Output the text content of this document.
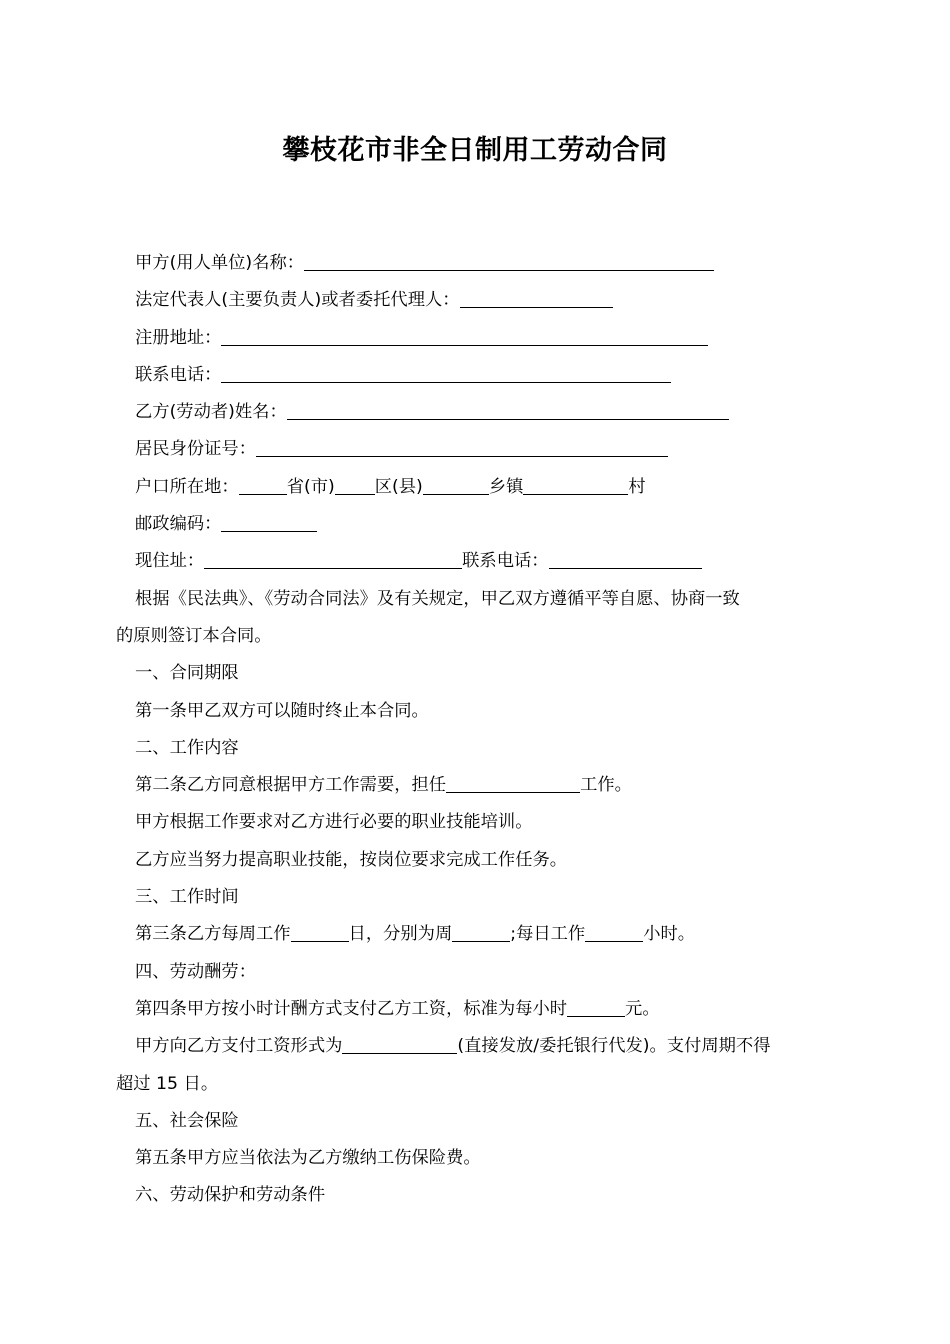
攀枝花市非全日制用工劳动合同
甲方(用人单位)名称：
法定代表人(主要负责人)或者委托代理人：
注册地址：
联系电话：
乙方(劳动者)姓名：
居民身份证号：
户口所在地：	省(市) 区(县)	乡镇	村
邮政编码：
现住址：	联系电话：
根据《民法典》、《劳动合同法》及有关规定，甲乙双方遵循平等自愿、协商一致
的原则签订本合同。
一、合同期限
第一条甲乙双方可以随时终止本合同。
二、工作内容
第二条乙方同意根据甲方工作需要，担任	工作。
甲方根据工作要求对乙方进行必要的职业技能培训。
乙方应当努力提高职业技能，按岗位要求完成工作任务。
三、工作时间
第三条乙方每周工作	日，分别为周	;每日工作	小时。
四、劳动酬劳：
第四条甲方按小时计酬方式支付乙方工资，标准为每小时	元。
甲方向乙方支付工资形式为	(直接发放/委托银行代发)。支付周期不得
超过 15 日。
五、社会保险
第五条甲方应当依法为乙方缴纳工伤保险费。
六、劳动保护和劳动条件
